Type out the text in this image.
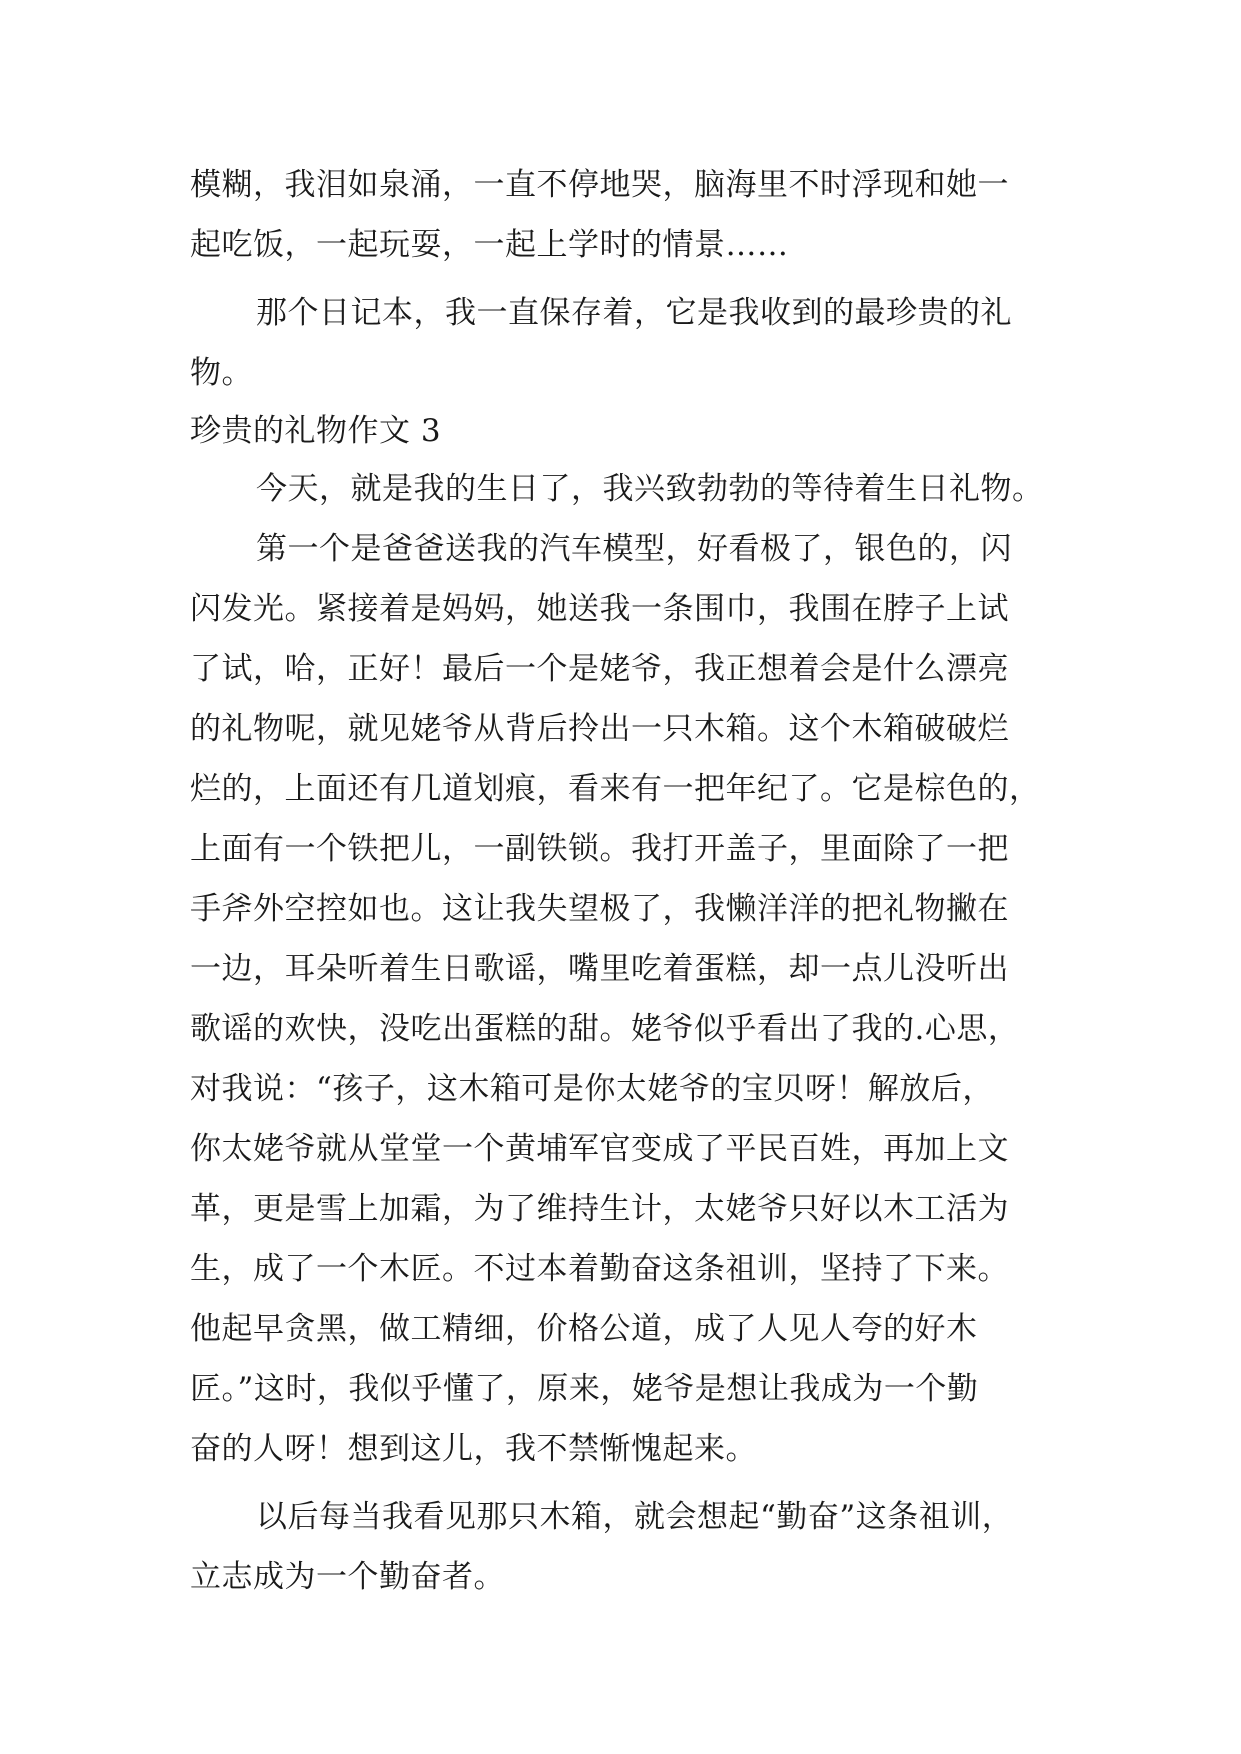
模糊，我泪如泉涌，一直不停地哭，脑海里不时浮现和她一

起吃饭，一起玩耍，一起上学时的情景……

那个日记本，我一直保存着，它是我收到的最珍贵的礼

物。

珍贵的礼物作文 3

今天，就是我的生日了，我兴致勃勃的等待着生日礼物。

第一个是爸爸送我的汽车模型，好看极了，银色的，闪

闪发光。紧接着是妈妈，她送我一条围巾，我围在脖子上试

了试，哈，正好！最后一个是姥爷，我正想着会是什么漂亮

的礼物呢，就见姥爷从背后拎出一只木箱。这个木箱破破烂

烂的，上面还有几道划痕，看来有一把年纪了。它是棕色的，

上面有一个铁把儿，一副铁锁。我打开盖子，里面除了一把

手斧外空控如也。这让我失望极了，我懒洋洋的把礼物撇在

一边，耳朵听着生日歌谣，嘴里吃着蛋糕，却一点儿没听出

歌谣的欢快，没吃出蛋糕的甜。姥爷似乎看出了我的.心思，

对我说：“孩子，这木箱可是你太姥爷的宝贝呀！解放后，

你太姥爷就从堂堂一个黄埔军官变成了平民百姓，再加上文

革，更是雪上加霜，为了维持生计，太姥爷只好以木工活为

生，成了一个木匠。不过本着勤奋这条祖训，坚持了下来。

他起早贪黑，做工精细，价格公道，成了人见人夸的好木

匠。”这时，我似乎懂了，原来，姥爷是想让我成为一个勤

奋的人呀！想到这儿，我不禁惭愧起来。

以后每当我看见那只木箱，就会想起“勤奋”这条祖训，

立志成为一个勤奋者。
